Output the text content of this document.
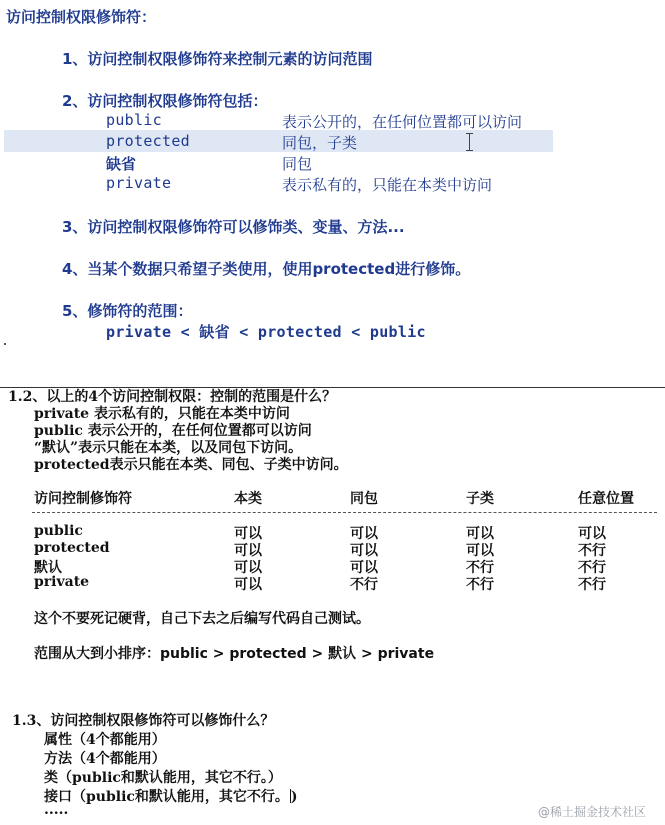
访问控制权限修饰符：
1、访问控制权限修饰符来控制元素的访问范围
2、访问控制权限修饰符包括：
public	表示公开的，在任何位置都可以访问
protected	同包，子类
缺省	同包
private	表示私有的，只能在本类中访问
3、访问控制权限修饰符可以修饰类、变量、方法...
4、当某个数据只希望子类使用，使用protected进行修饰。
5、修饰符的范围：
private < 缺省 < protected < public
1.2、以上的4个访问控制权限：控制的范围是什么？
private 表示私有的，只能在本类中访问
public 表示公开的，在任何位置都可以访问
“默认”表示只能在本类，以及同包下访问。
protected表示只能在本类、同包、子类中访问。
访问控制修饰符	本类	同包	子类	任意位置
public	可以	可以	可以	可以
protected	可以	可以	可以	不行
默认	可以	可以	不行	不行
private	可以	不行	不行	不行
这个不要死记硬背，自己下去之后编写代码自己测试。
范围从大到小排序：public > protected > 默认 > private
1.3、访问控制权限修饰符可以修饰什么？
属性（4个都能用）
方法（4个都能用）
类（public和默认能用，其它不行。）
接口（public和默认能用，其它不行。 )
.....	@稀土掘金技术社区
